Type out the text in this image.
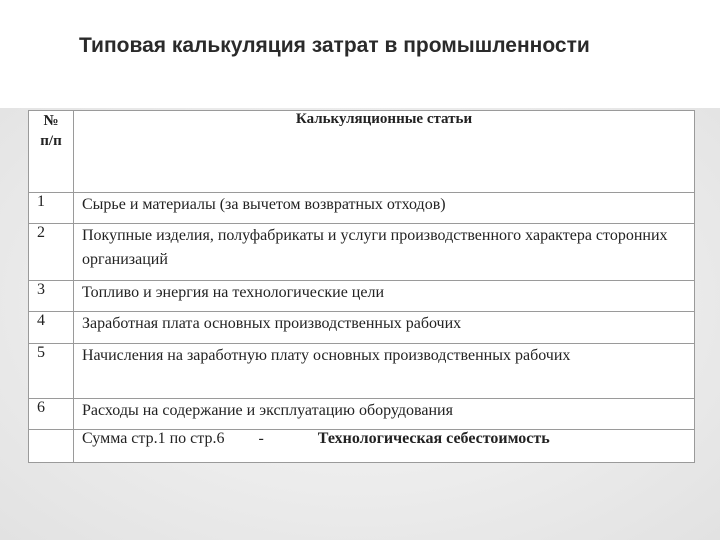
Типовая калькуляция затрат в промышленности
№ п/п	Калькуляционные статьи
1	Сырье и материалы (за вычетом возвратных отходов)
2	Покупные изделия, полуфабрикаты и услуги производственного характера сторонних организаций
3	Топливо и энергия на технологические цели
4	Заработная плата основных производственных рабочих
5	Начисления на заработную плату основных производственных рабочих
6	Расходы на содержание и эксплуатацию оборудования
	Сумма стр.1 по стр.6 - Технологическая себестоимость
